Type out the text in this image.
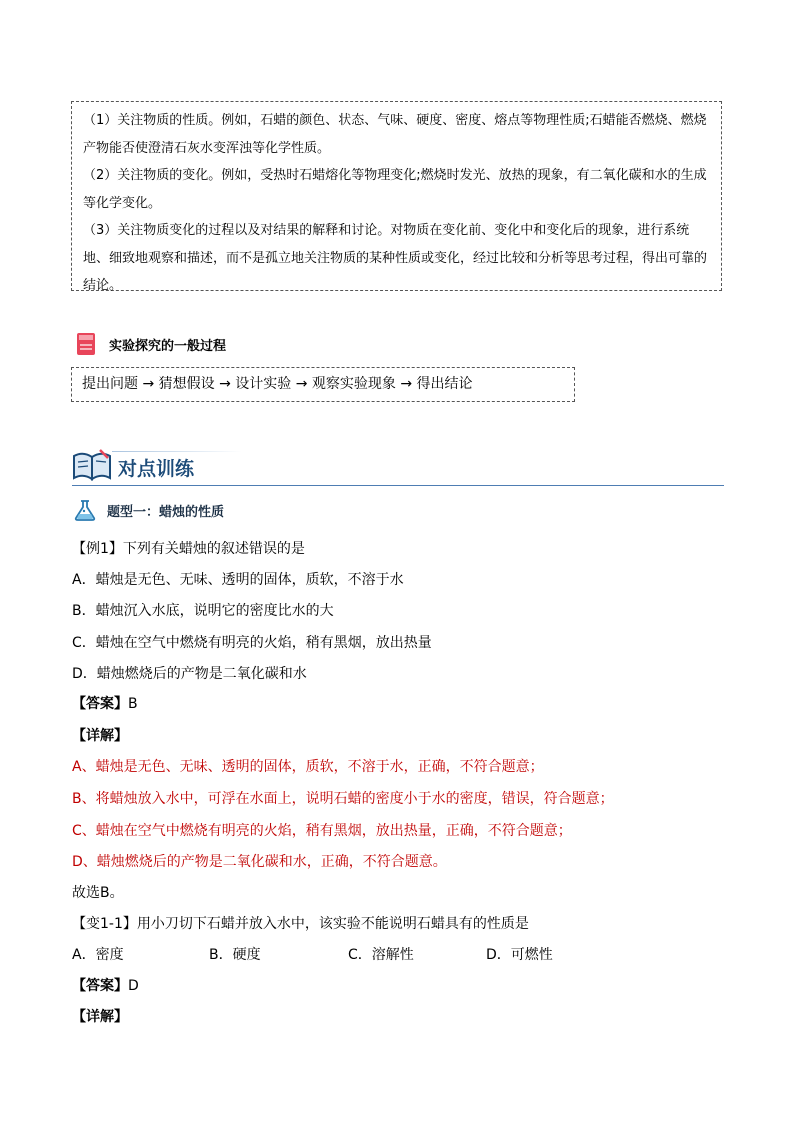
（1）关注物质的性质。例如，石蜡的颜色、状态、气味、硬度、密度、熔点等物理性质;石蜡能否燃烧、燃烧产物能否使澄清石灰水变浑浊等化学性质。

（2）关注物质的变化。例如，受热时石蜡熔化等物理变化;燃烧时发光、放热的现象，有二氧化碳和水的生成等化学变化。

（3）关注物质变化的过程以及对结果的解释和讨论。对物质在变化前、变化中和变化后的现象，进行系统地、细致地观察和描述，而不是孤立地关注物质的某种性质或变化，经过比较和分析等思考过程，得出可靠的结论。

实验探究的一般过程
提出问题 → 猜想假设 → 设计实验 → 观察实验现象 → 得出结论
对点训练
题型一：蜡烛的性质
【例1】下列有关蜡烛的叙述错误的是
A．蜡烛是无色、无味、透明的固体，质软，不溶于水
B．蜡烛沉入水底，说明它的密度比水的大
C．蜡烛在空气中燃烧有明亮的火焰，稍有黑烟，放出热量
D．蜡烛燃烧后的产物是二氧化碳和水
【答案】B
【详解】
A、蜡烛是无色、无味、透明的固体，质软，不溶于水，正确，不符合题意；
B、将蜡烛放入水中，可浮在水面上，说明石蜡的密度小于水的密度，错误，符合题意；
C、蜡烛在空气中燃烧有明亮的火焰，稍有黑烟，放出热量，正确，不符合题意；
D、蜡烛燃烧后的产物是二氧化碳和水，正确，不符合题意。
故选B。
【变1-1】用小刀切下石蜡并放入水中，该实验不能说明石蜡具有的性质是
A．密度	B．硬度	C．溶解性	D．可燃性
【答案】D
【详解】
